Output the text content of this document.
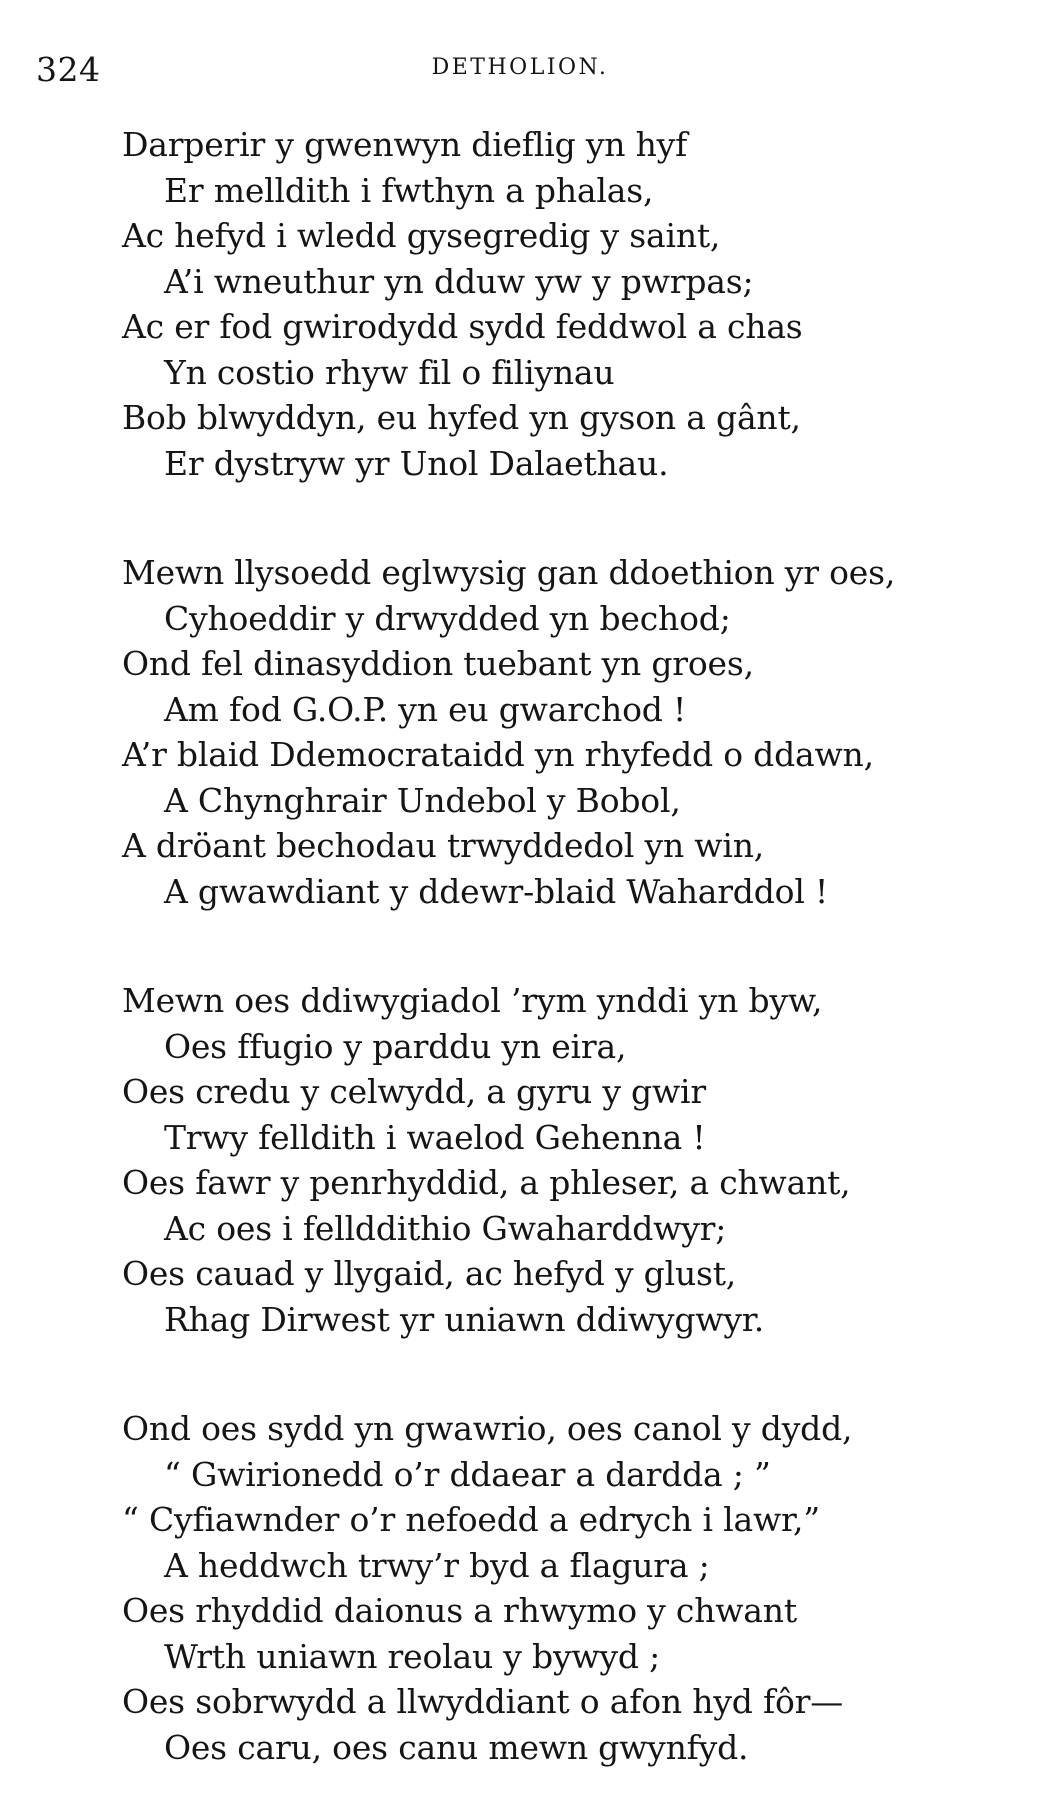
324	DETHOLION.
Darperir y gwenwyn dieflig yn hyf
Er melldith i fwthyn a phalas,
Ac hefyd i wledd gysegredig y saint,
A’i wneuthur yn dduw yw y pwrpas;
Ac er fod gwirodydd sydd feddwol a chas
Yn costio rhyw fil o filiynau
Bob blwyddyn, eu hyfed yn gyson a gânt,
Er dystryw yr Unol Dalaethau.
Mewn llysoedd eglwysig gan ddoethion yr oes,
Cyhoeddir y drwydded yn bechod;
Ond fel dinasyddion tuebant yn groes,
Am fod G.O.P. yn eu gwarchod !
A’r blaid Ddemocrataidd yn rhyfedd o ddawn,
A Chynghrair Undebol y Bobol,
A dröant bechodau trwyddedol yn win,
A gwawdiant y ddewr-blaid Waharddol !
Mewn oes ddiwygiadol ’rym ynddi yn byw,
Oes ffugio y parddu yn eira,
Oes credu y celwydd, a gyru y gwir
Trwy felldith i waelod Gehenna !
Oes fawr y penrhyddid, a phleser, a chwant,
Ac oes i fellddithio Gwaharddwyr;
Oes cauad y llygaid, ac hefyd y glust,
Rhag Dirwest yr uniawn ddiwygwyr.
Ond oes sydd yn gwawrio, oes canol y dydd,
“ Gwirionedd o’r ddaear a dardda ; ”
“ Cyfiawnder o’r nefoedd a edrych i lawr,”
A heddwch trwy’r byd a flagura ;
Oes rhyddid daionus a rhwymo y chwant
Wrth uniawn reolau y bywyd ;
Oes sobrwydd a llwyddiant o afon hyd fôr—
Oes caru, oes canu mewn gwynfyd.
